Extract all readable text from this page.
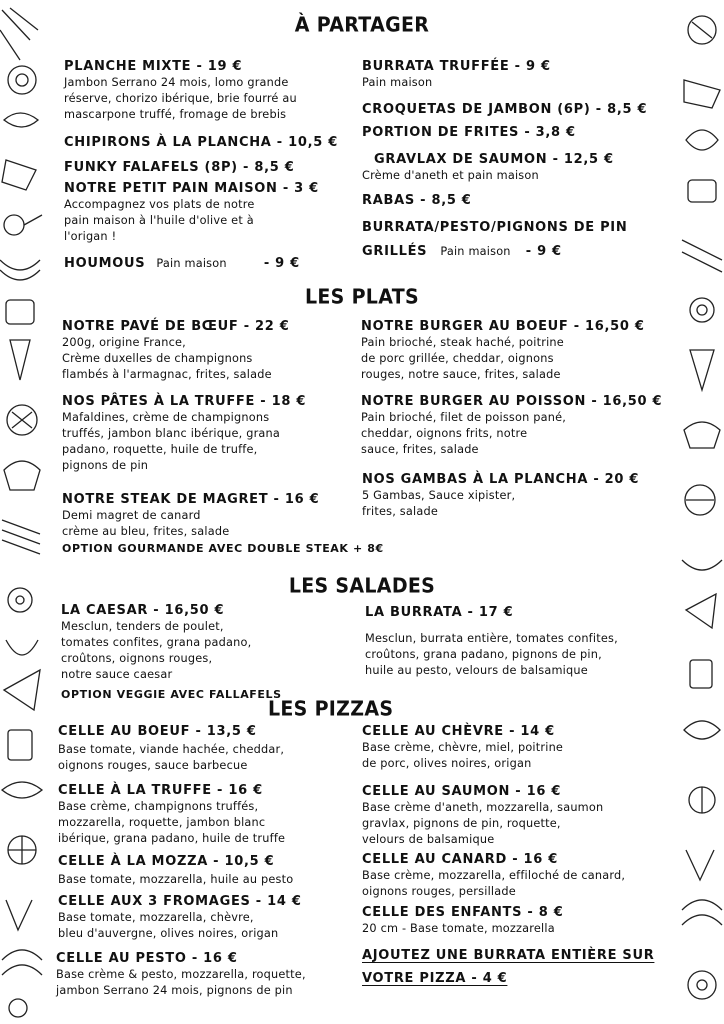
À PARTAGER
PLANCHE MIXTE - 19 €
Jambon Serrano 24 mois, lomo grande
réserve, chorizo ibérique, brie fourré au
mascarpone truffé, fromage de brebis
CHIPIRONS À LA PLANCHA - 10,5 €
FUNKY FALAFELS (8P) - 8,5 €
NOTRE PETIT PAIN MAISON - 3 €
Accompagnez vos plats de notre
pain maison à l'huile d'olive et à
l'origan !
HOUMOUS Pain maison	- 9 €
BURRATA TRUFFÉE - 9 €
Pain maison
CROQUETAS DE JAMBON (6P) - 8,5 €
PORTION DE FRITES - 3,8 €
GRAVLAX DE SAUMON - 12,5 €
Crème d'aneth et pain maison
RABAS - 8,5 €
BURRATA/PESTO/PIGNONS DE PIN
GRILLÉS Pain maison - 9 €
LES PLATS
NOTRE PAVÉ DE BŒUF - 22 €
200g, origine France,
Crème duxelles de champignons
flambés à l'armagnac, frites, salade
NOS PÂTES À LA TRUFFE - 18 €
Mafaldines, crème de champignons
truffés, jambon blanc ibérique, grana
padano, roquette, huile de truffe,
pignons de pin
NOTRE STEAK DE MAGRET - 16 €
Demi magret de canard
crème au bleu, frites, salade
OPTION GOURMANDE AVEC DOUBLE STEAK + 8€
NOTRE BURGER AU BOEUF - 16,50 €
Pain brioché, steak haché, poitrine
de porc grillée, cheddar, oignons
rouges, notre sauce, frites, salade
NOTRE BURGER AU POISSON - 16,50 €
Pain brioché, filet de poisson pané,
cheddar, oignons frits, notre
sauce, frites, salade
NOS GAMBAS À LA PLANCHA - 20 €
5 Gambas, Sauce xipister,
frites, salade
LES SALADES
LA CAESAR - 16,50 €
Mesclun, tenders de poulet,
tomates confites, grana padano,
croûtons, oignons rouges,
notre sauce caesar
OPTION VEGGIE AVEC FALLAFELS
LA BURRATA - 17 €
Mesclun, burrata entière, tomates confites,
croûtons, grana padano, pignons de pin,
huile au pesto, velours de balsamique
LES PIZZAS
CELLE AU BOEUF - 13,5 €
Base tomate, viande hachée, cheddar,
oignons rouges, sauce barbecue
CELLE À LA TRUFFE - 16 €
Base crème, champignons truffés,
mozzarella, roquette, jambon blanc
ibérique, grana padano, huile de truffe
CELLE À LA MOZZA - 10,5 €
Base tomate, mozzarella, huile au pesto
CELLE AUX 3 FROMAGES - 14 €
Base tomate, mozzarella, chèvre,
bleu d'auvergne, olives noires, origan
CELLE AU PESTO - 16 €
Base crème & pesto, mozzarella, roquette,
jambon Serrano 24 mois, pignons de pin
CELLE AU CHÈVRE - 14 €
Base crème, chèvre, miel, poitrine
de porc, olives noires, origan
CELLE AU SAUMON - 16 €
Base crème d'aneth, mozzarella, saumon
gravlax, pignons de pin, roquette,
velours de balsamique
CELLE AU CANARD - 16 €
Base crème, mozzarella, effiloché de canard,
oignons rouges, persillade
CELLE DES ENFANTS - 8 €
20 cm - Base tomate, mozzarella
AJOUTEZ UNE BURRATA ENTIÈRE SUR
VOTRE PIZZA - 4 €
